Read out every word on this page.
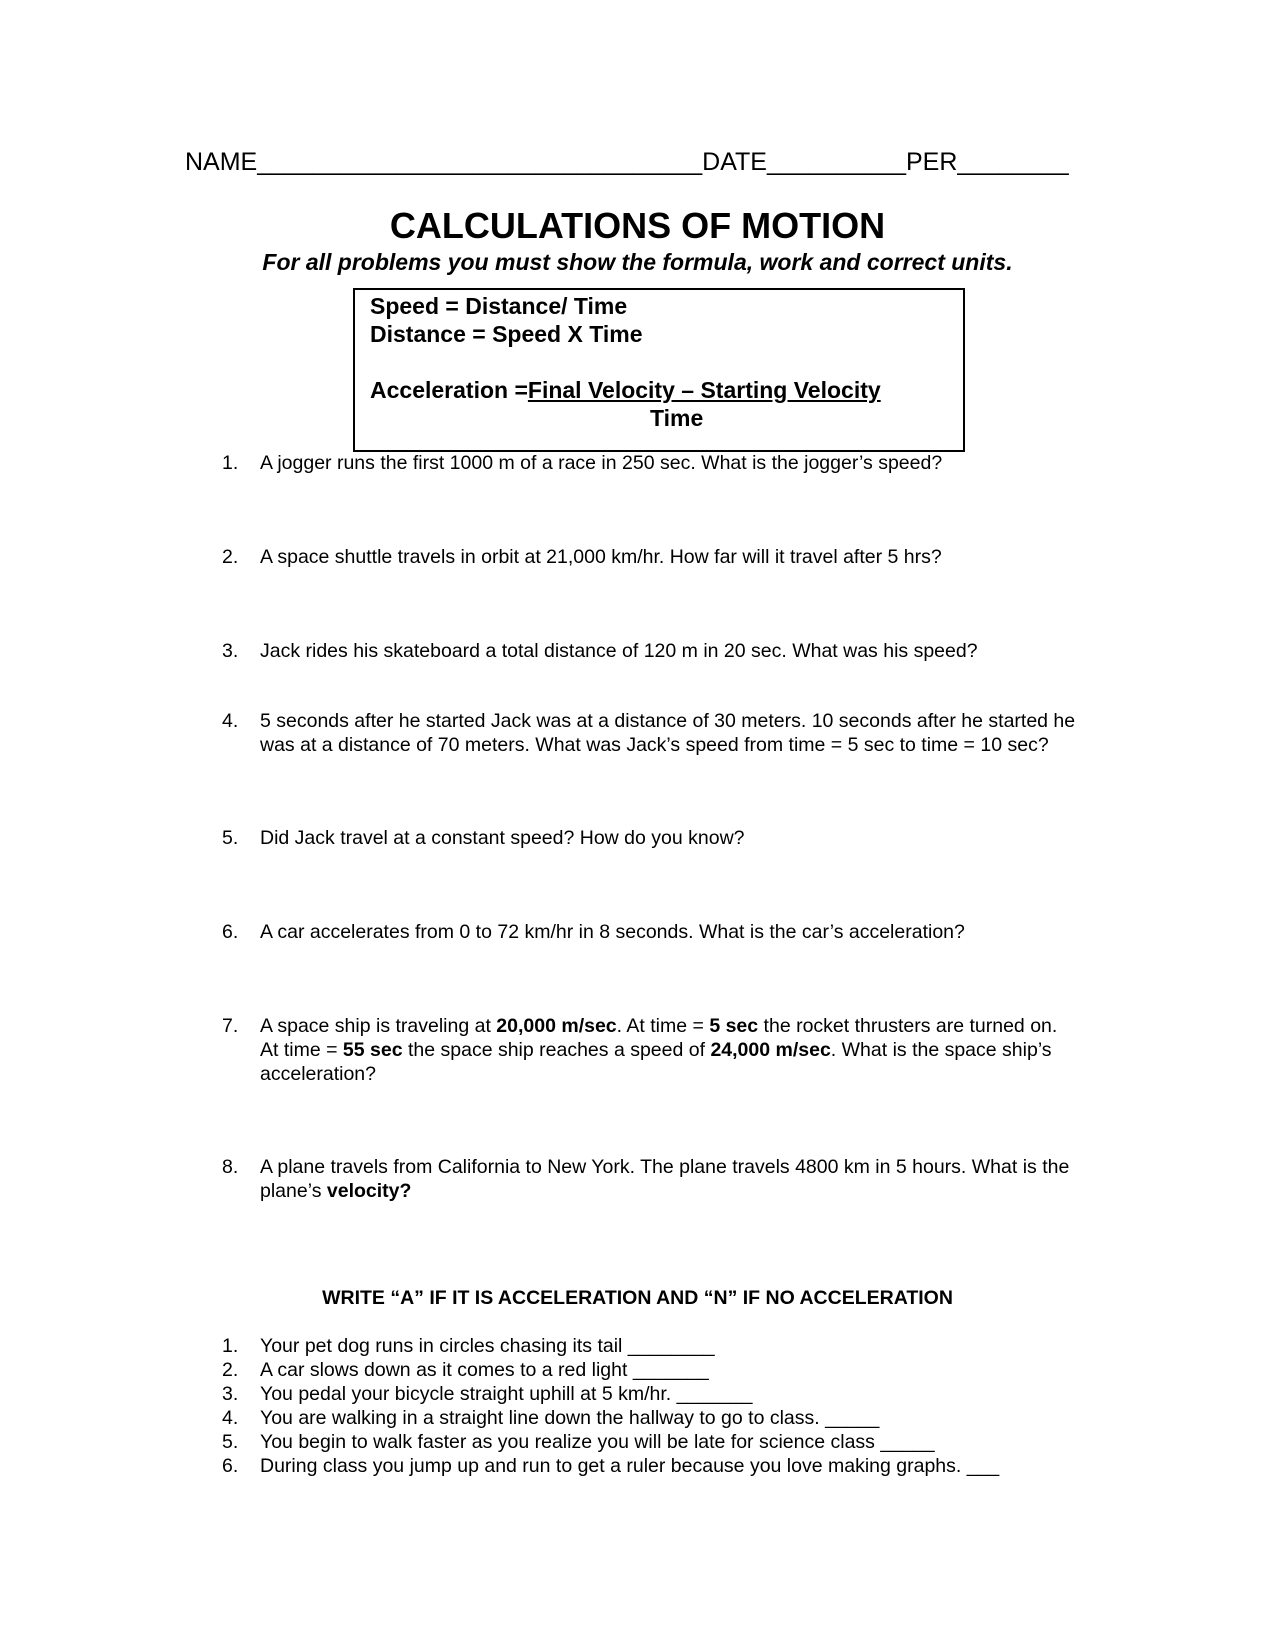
NAME________________________________DATE__________PER________
CALCULATIONS OF MOTION
For all problems you must show the formula, work and correct units.
Speed = Distance/ Time
Distance = Speed X Time
Acceleration =Final Velocity – Starting Velocity
Time
1. A jogger runs the first 1000 m of a race in 250 sec. What is the jogger’s speed?
2. A space shuttle travels in orbit at 21,000 km/hr. How far will it travel after 5 hrs?
3. Jack rides his skateboard a total distance of 120 m in 20 sec. What was his speed?
4. 5 seconds after he started Jack was at a distance of 30 meters. 10 seconds after he started he was at a distance of 70 meters. What was Jack’s speed from time = 5 sec to time = 10 sec?
5. Did Jack travel at a constant speed? How do you know?
6. A car accelerates from 0 to 72 km/hr in 8 seconds. What is the car’s acceleration?
7. A space ship is traveling at 20,000 m/sec. At time = 5 sec the rocket thrusters are turned on. At time = 55 sec the space ship reaches a speed of 24,000 m/sec. What is the space ship’s acceleration?
8. A plane travels from California to New York. The plane travels 4800 km in 5 hours. What is the plane’s velocity?
WRITE “A” IF IT IS ACCELERATION AND “N” IF NO ACCELERATION
1. Your pet dog runs in circles chasing its tail ________
2. A car slows down as it comes to a red light _______
3. You pedal your bicycle straight uphill at 5 km/hr. _______
4. You are walking in a straight line down the hallway to go to class. _____
5. You begin to walk faster as you realize you will be late for science class _____
6. During class you jump up and run to get a ruler because you love making graphs. ___
